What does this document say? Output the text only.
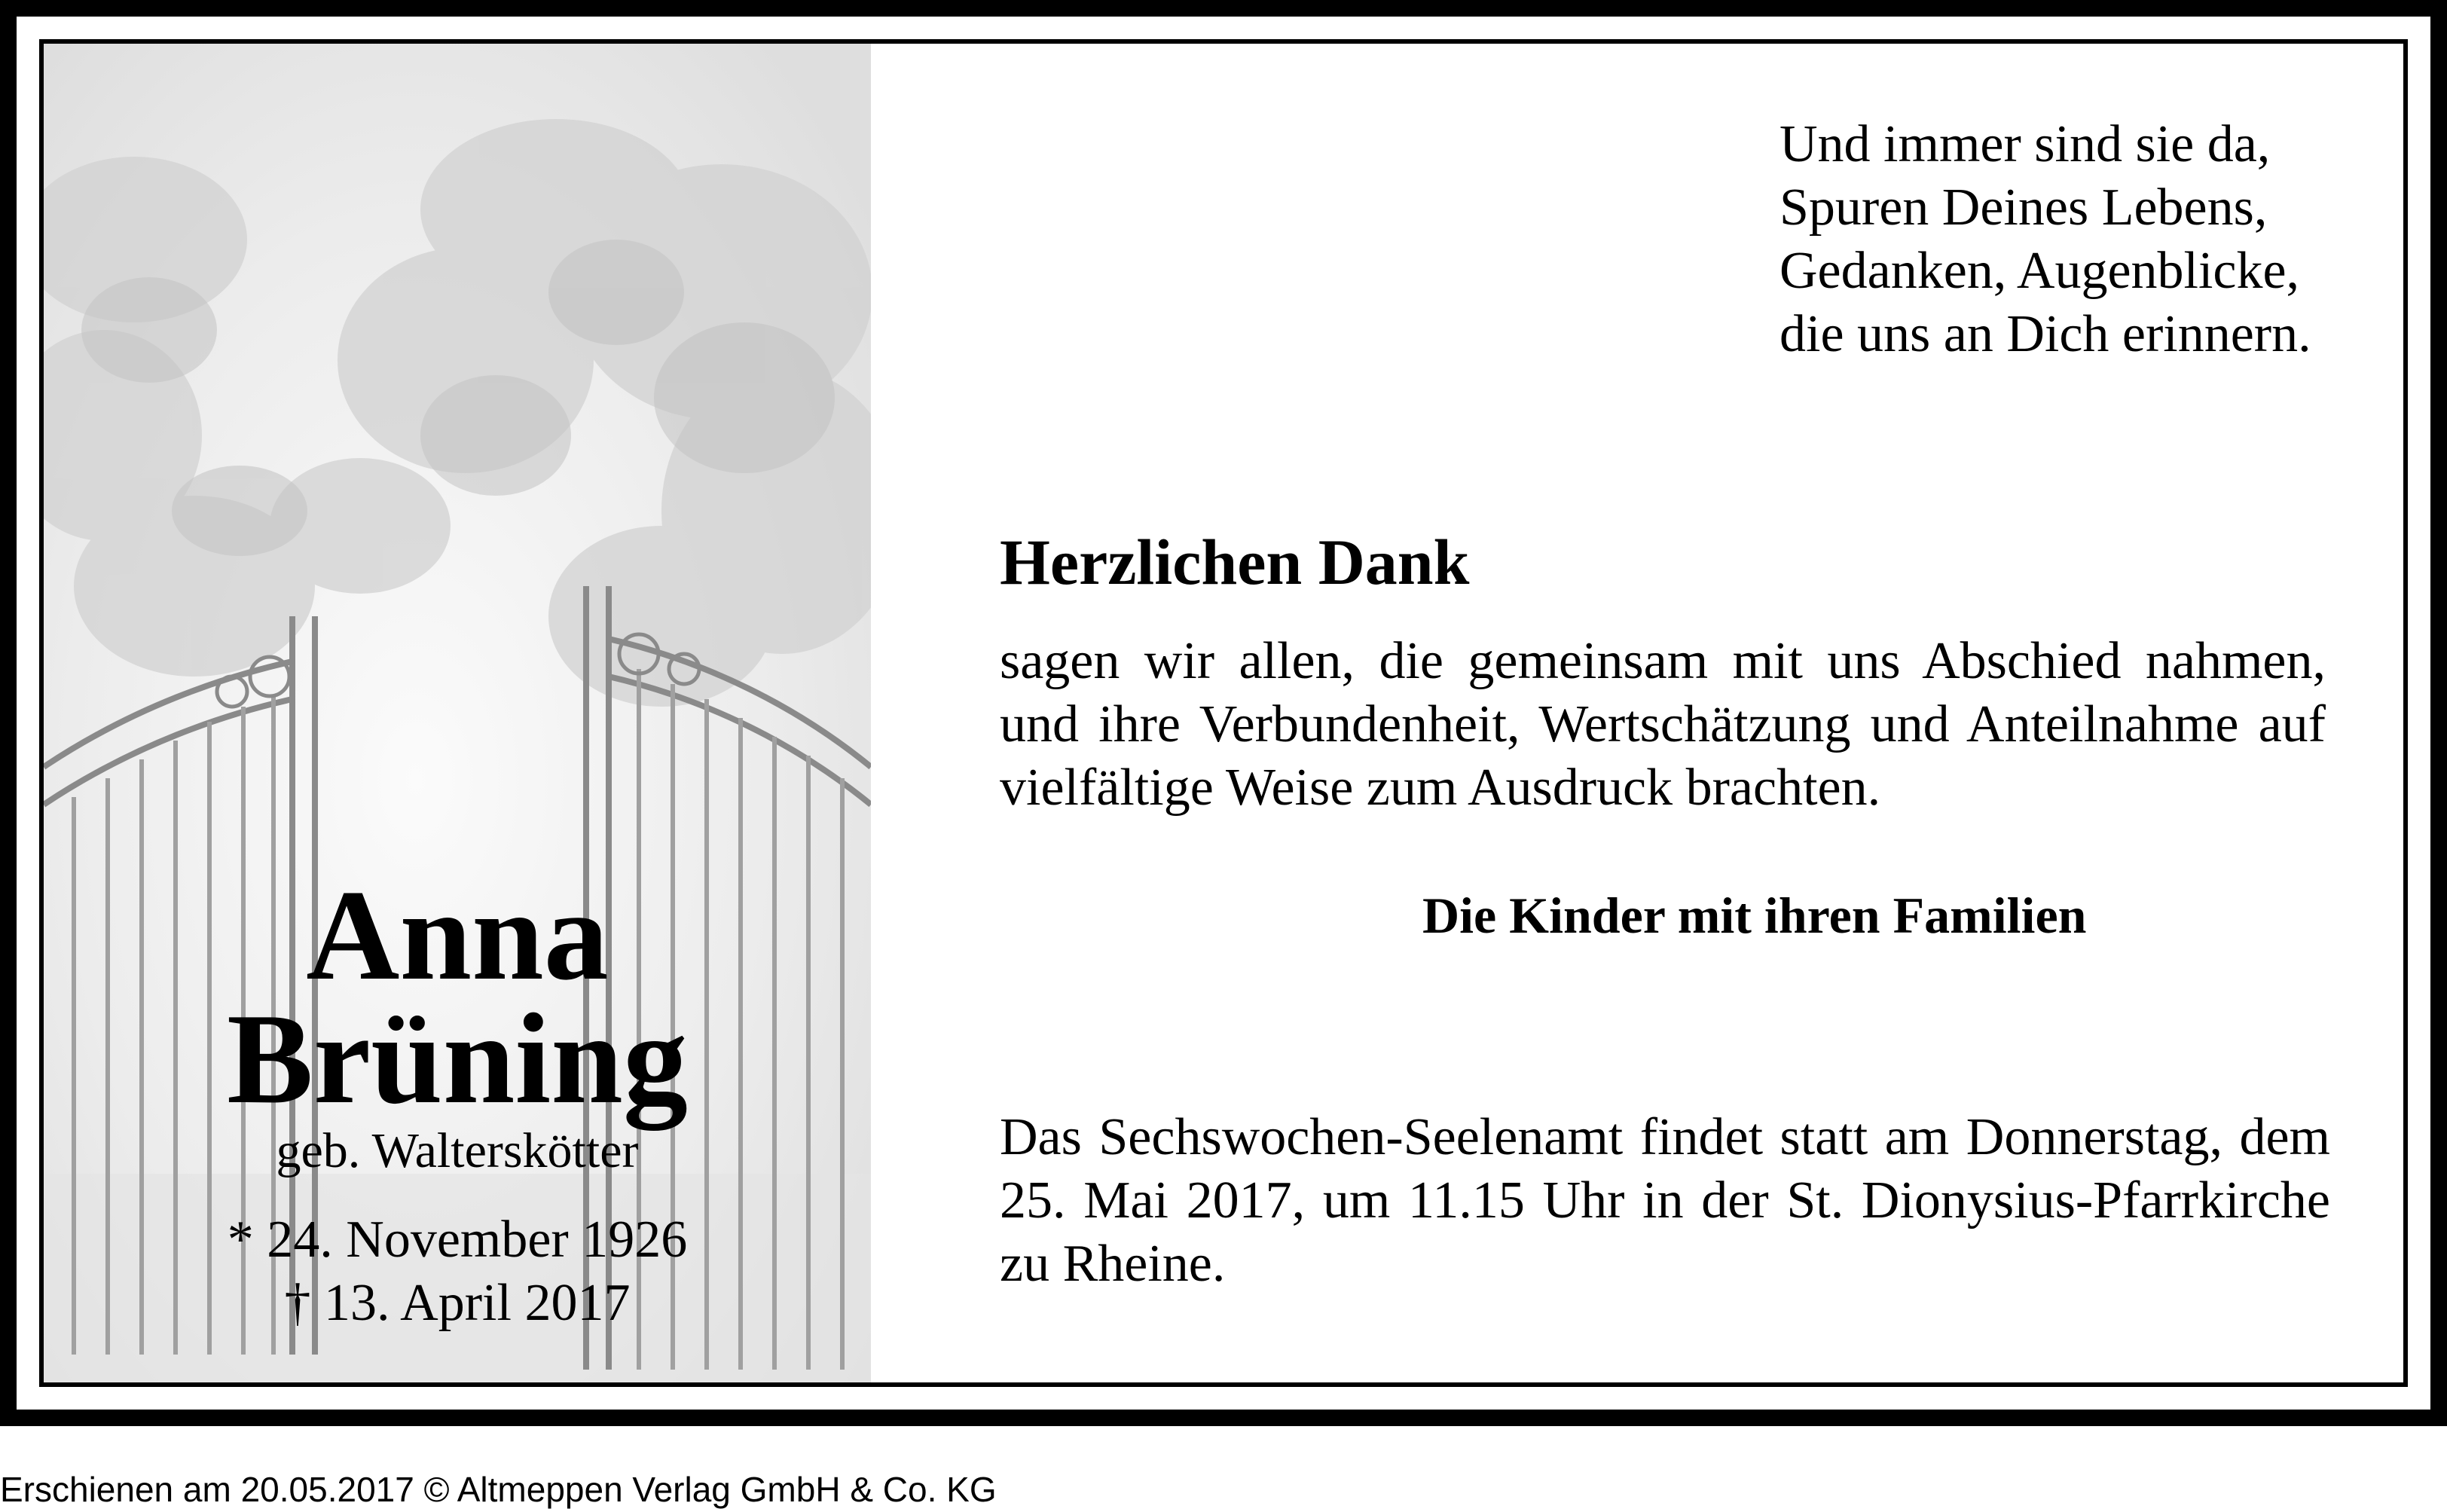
Anna
Brüning
geb. Walterskötter
* 24. November 1926
† 13. April 2017
Und immer sind sie da,
Spuren Deines Lebens,
Gedanken, Augenblicke,
die uns an Dich erinnern.
Herzlichen Dank
sagen wir allen, die gemeinsam mit uns Abschied nahmen,
und ihre Verbundenheit, Wertschätzung und Anteilnahme auf
vielfältige Weise zum Ausdruck brachten.
Die Kinder mit ihren Familien
Das Sechswochen-Seelenamt findet statt am Donnerstag, dem
25. Mai 2017, um 11.15 Uhr in der St. Dionysius-Pfarrkirche
zu Rheine.
Erschienen am 20.05.2017 © Altmeppen Verlag GmbH & Co. KG
